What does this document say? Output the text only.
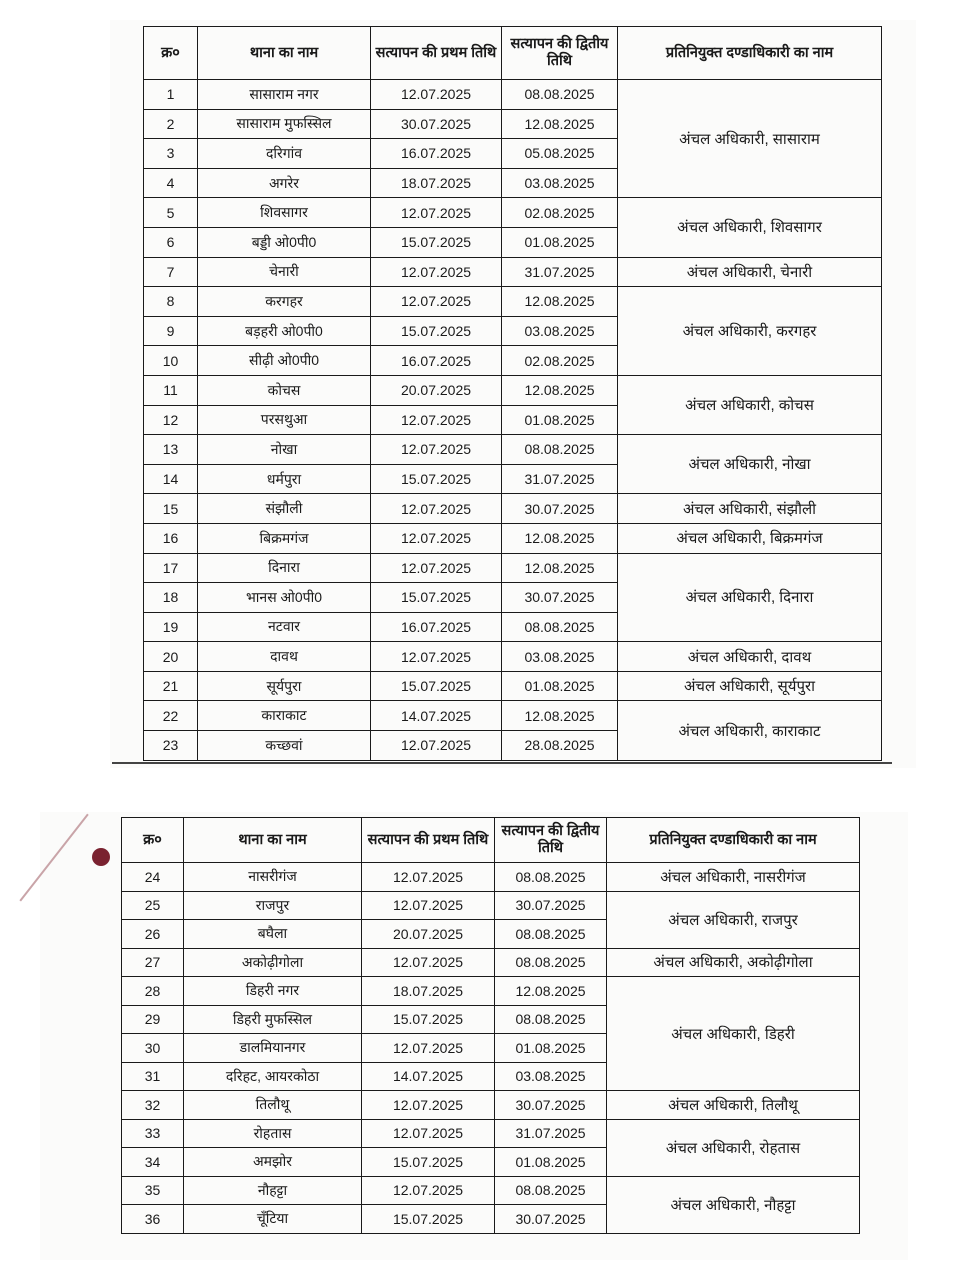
क्र०	थाना का नाम	सत्यापन की प्रथम तिथि	सत्यापन की द्वितीय तिथि	प्रतिनियुक्त दण्डाधिकारी का नाम
1	सासाराम नगर	12.07.2025	08.08.2025	अंचल अधिकारी, सासाराम
2	सासाराम मुफस्सिल	30.07.2025	12.08.2025	
3	दरिगांव	16.07.2025	05.08.2025	
4	अगरेर	18.07.2025	03.08.2025	
5	शिवसागर	12.07.2025	02.08.2025	अंचल अधिकारी, शिवसागर
6	बड्डी ओ0पी0	15.07.2025	01.08.2025	
7	चेनारी	12.07.2025	31.07.2025	अंचल अधिकारी, चेनारी
8	करगहर	12.07.2025	12.08.2025	अंचल अधिकारी, करगहर
9	बड़हरी ओ0पी0	15.07.2025	03.08.2025	
10	सीढ़ी ओ0पी0	16.07.2025	02.08.2025	
11	कोचस	20.07.2025	12.08.2025	अंचल अधिकारी, कोचस
12	परसथुआ	12.07.2025	01.08.2025	
13	नोखा	12.07.2025	08.08.2025	अंचल अधिकारी, नोखा
14	धर्मपुरा	15.07.2025	31.07.2025	
15	संझौली	12.07.2025	30.07.2025	अंचल अधिकारी, संझौली
16	बिक्रमगंज	12.07.2025	12.08.2025	अंचल अधिकारी, बिक्रमगंज
17	दिनारा	12.07.2025	12.08.2025	अंचल अधिकारी, दिनारा
18	भानस ओ0पी0	15.07.2025	30.07.2025	
19	नटवार	16.07.2025	08.08.2025	
20	दावथ	12.07.2025	03.08.2025	अंचल अधिकारी, दावथ
21	सूर्यपुरा	15.07.2025	01.08.2025	अंचल अधिकारी, सूर्यपुरा
22	काराकाट	14.07.2025	12.08.2025	अंचल अधिकारी, काराकाट
23	कच्छवां	12.07.2025	28.08.2025	
क्र०	थाना का नाम	सत्यापन की प्रथम तिथि	सत्यापन की द्वितीय तिथि	प्रतिनियुक्त दण्डाधिकारी का नाम
24	नासरीगंज	12.07.2025	08.08.2025	अंचल अधिकारी, नासरीगंज
25	राजपुर	12.07.2025	30.07.2025	अंचल अधिकारी, राजपुर
26	बघैला	20.07.2025	08.08.2025	
27	अकोढ़ीगोला	12.07.2025	08.08.2025	अंचल अधिकारी, अकोढ़ीगोला
28	डिहरी नगर	18.07.2025	12.08.2025	अंचल अधिकारी, डिहरी
29	डिहरी मुफस्सिल	15.07.2025	08.08.2025	
30	डालमियानगर	12.07.2025	01.08.2025	
31	दरिहट, आयरकोठा	14.07.2025	03.08.2025	
32	तिलौथू	12.07.2025	30.07.2025	अंचल अधिकारी, तिलौथू
33	रोहतास	12.07.2025	31.07.2025	अंचल अधिकारी, रोहतास
34	अमझोर	15.07.2025	01.08.2025	
35	नौहट्टा	12.07.2025	08.08.2025	अंचल अधिकारी, नौहट्टा
36	चूँटिया	15.07.2025	30.07.2025	
